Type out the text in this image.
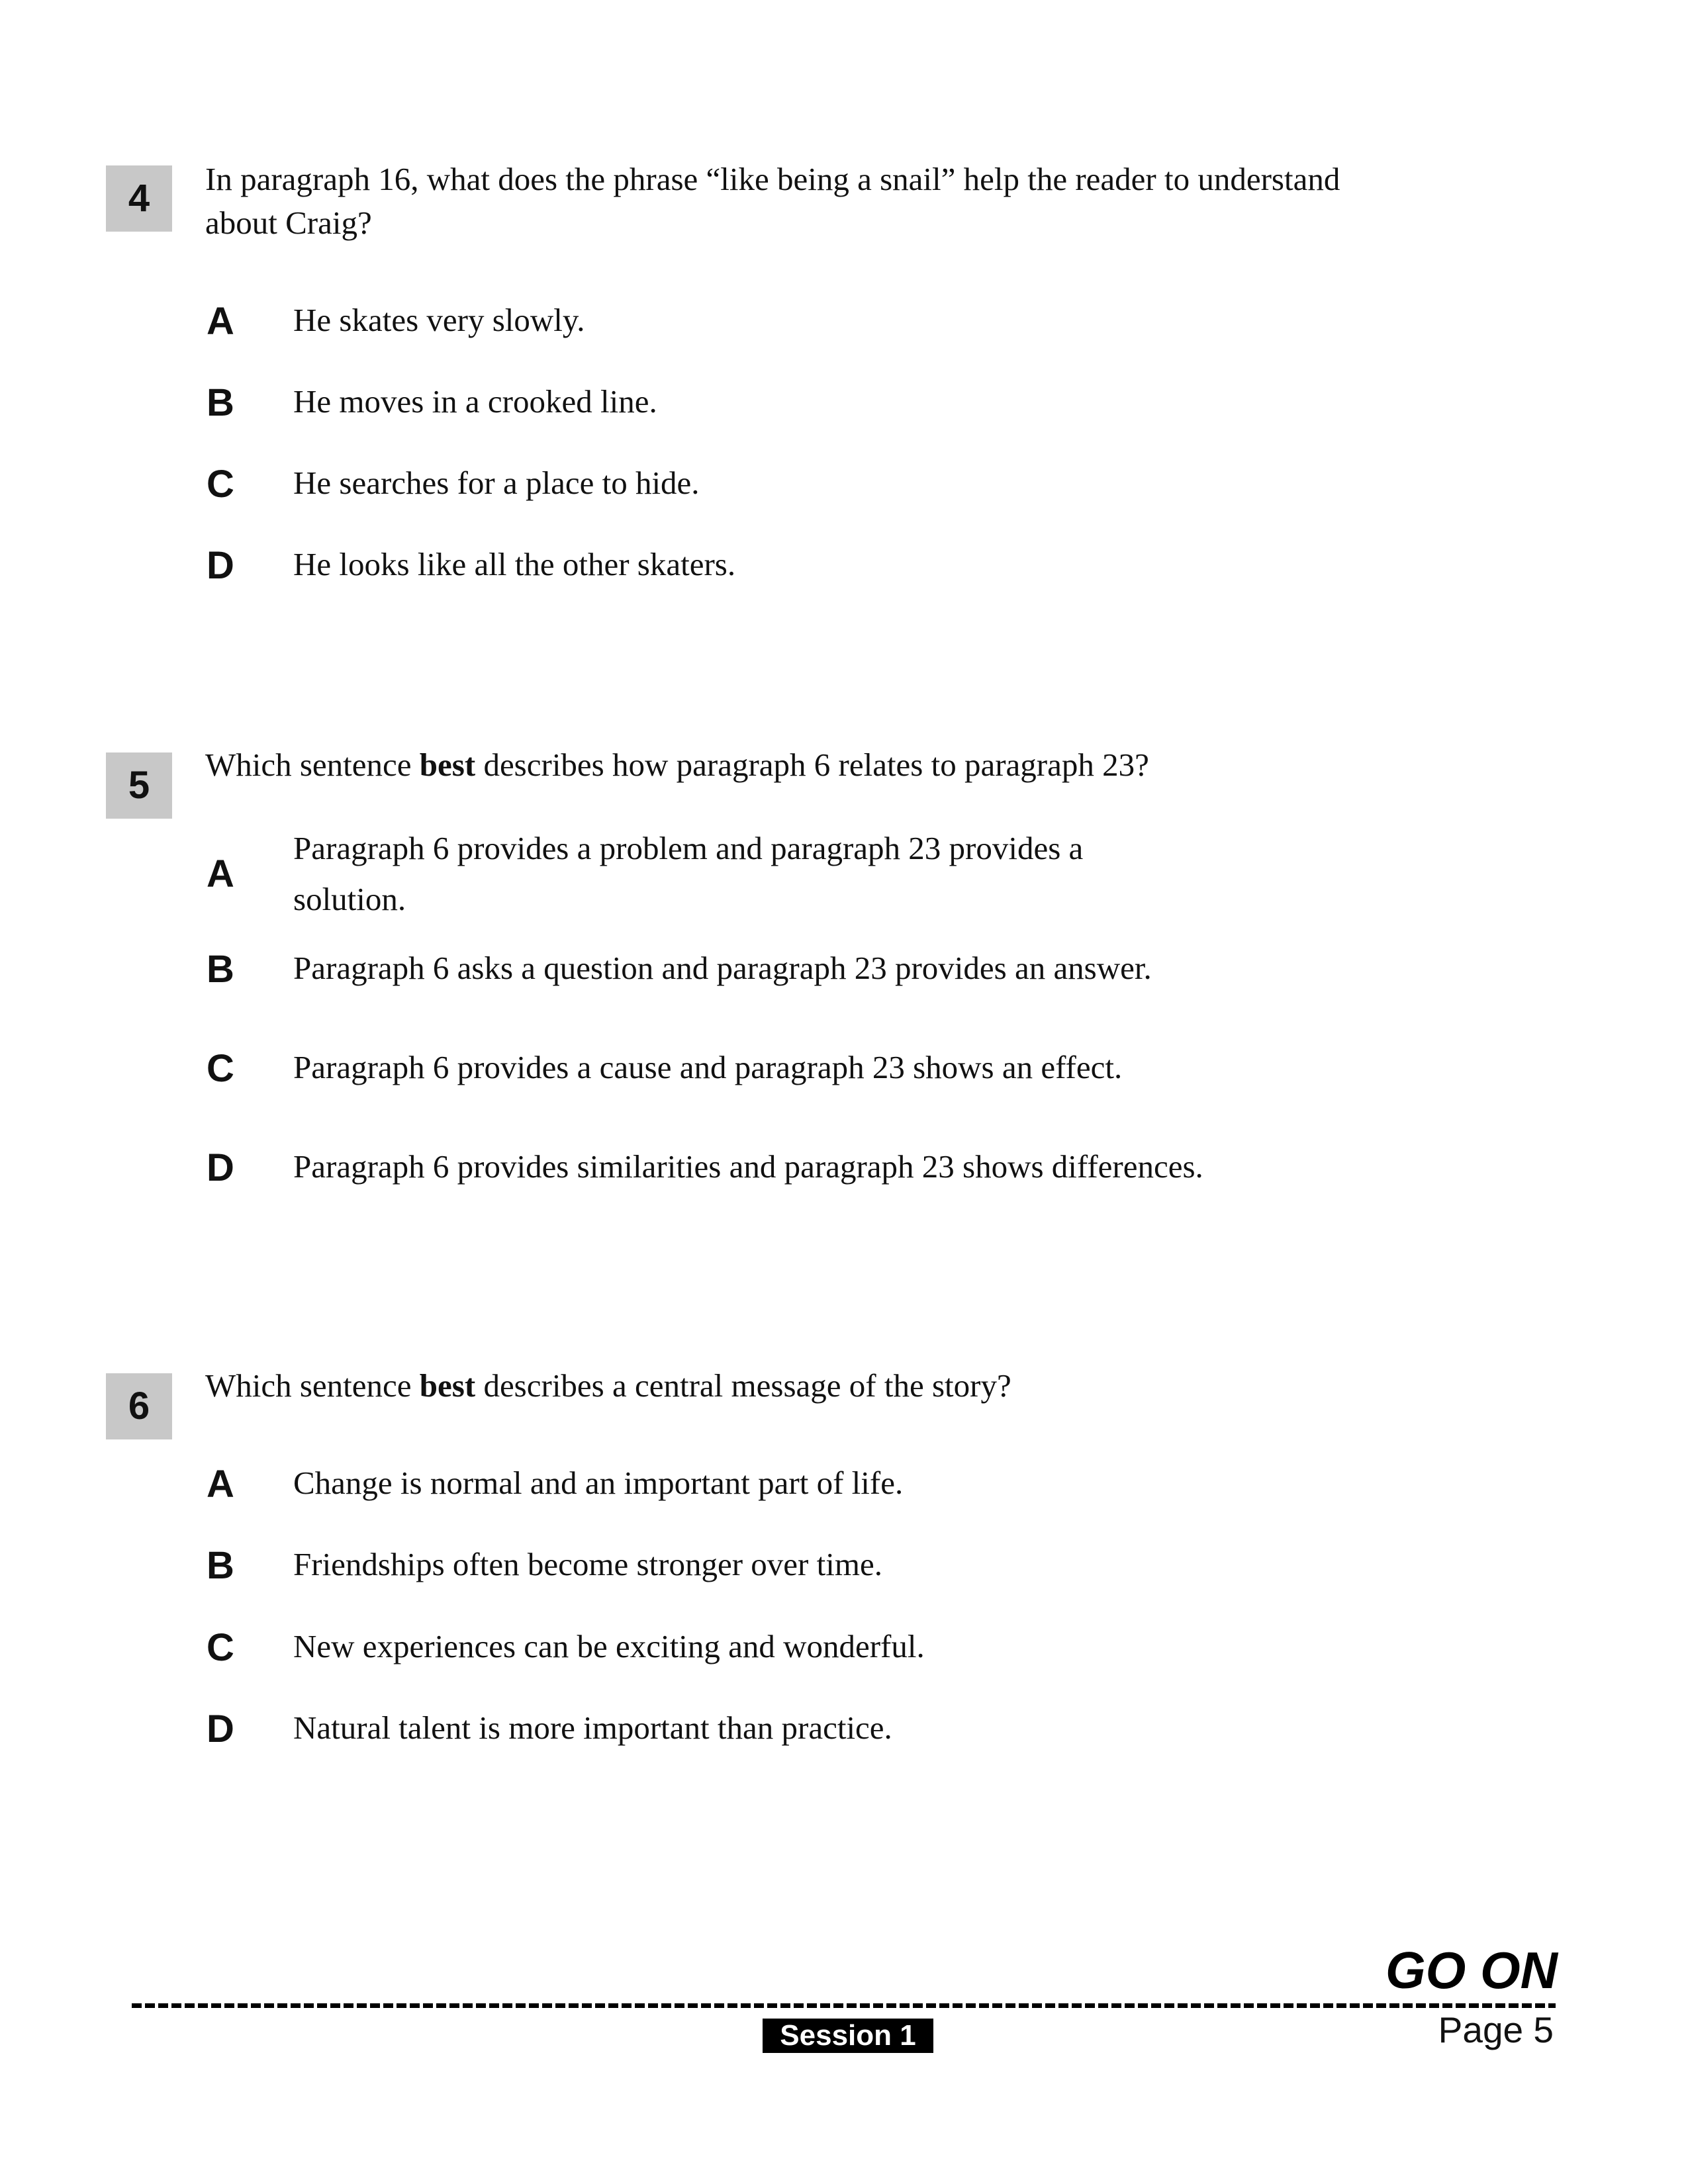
4 In paragraph 16, what does the phrase “like being a snail” help the reader to understand
about Craig?
A He skates very slowly.
B He moves in a crooked line.
C He searches for a place to hide.
D He looks like all the other skaters.
5 Which sentence best describes how paragraph 6 relates to paragraph 23?
A
Paragraph 6 provides a problem and paragraph 23 provides a
solution.
B Paragraph 6 asks a question and paragraph 23 provides an answer.
C Paragraph 6 provides a cause and paragraph 23 shows an effect.
D Paragraph 6 provides similarities and paragraph 23 shows differences.
6 Which sentence best describes a central message of the story?
A Change is normal and an important part of life.
B Friendships often become stronger over time.
C New experiences can be exciting and wonderful.
D Natural talent is more important than practice.
GO ON
Session 1	Page 5
